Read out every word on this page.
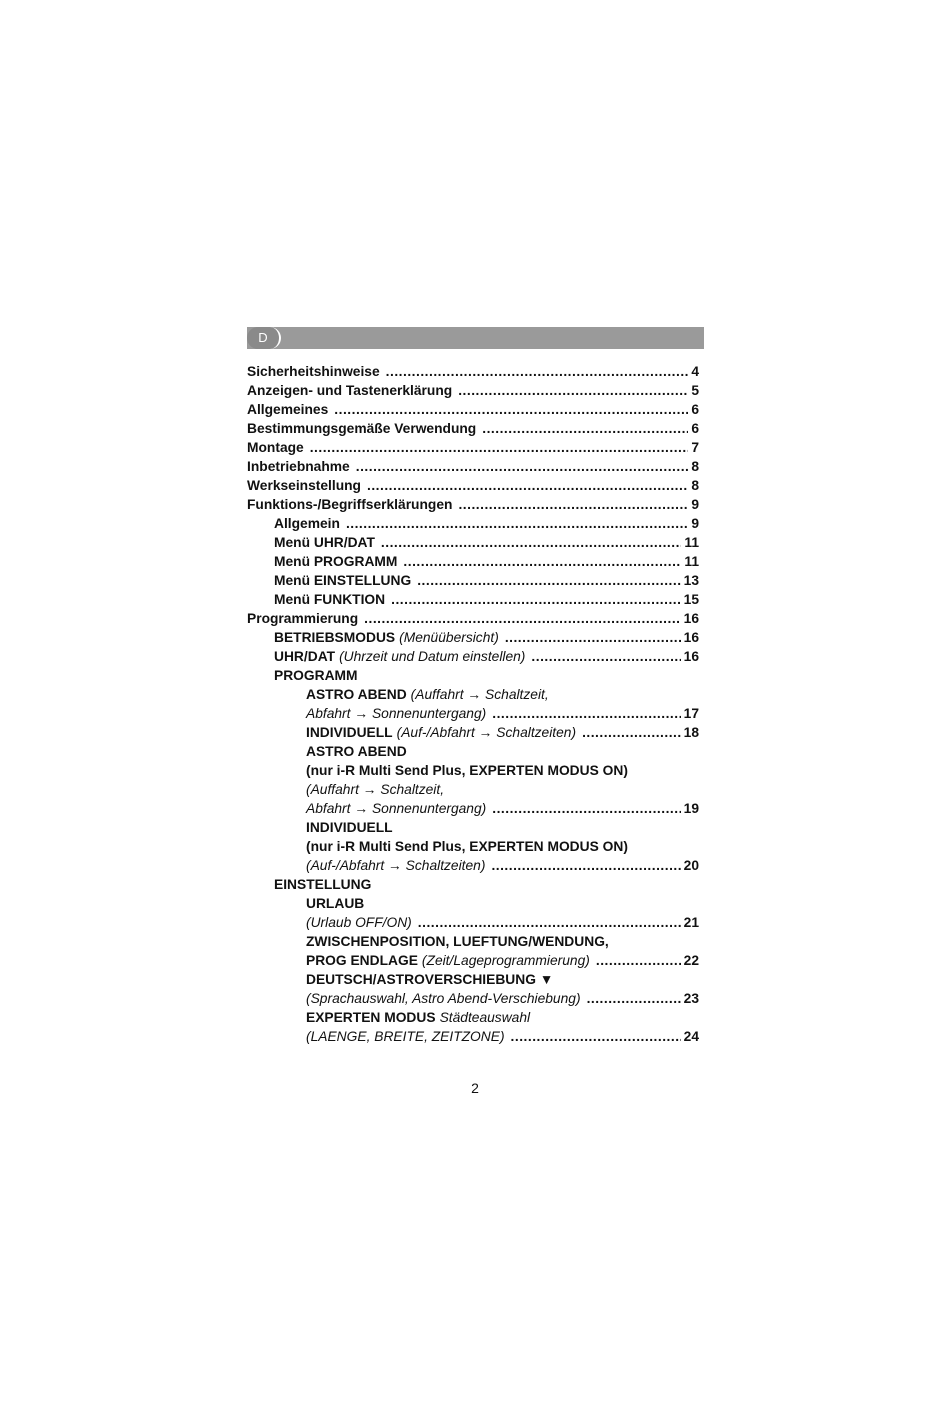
D
Sicherheitshinweise .....	4
Anzeigen- und Tastenerklärung .....	5
Allgemeines .....	6
Bestimmungsgemäße Verwendung .....	6
Montage .....	7
Inbetriebnahme .....	8
Werkseinstellung .....	8
Funktions-/Begriffserklärungen .....	9
Allgemein .....	9
Menü UHR/DAT .....	11
Menü PROGRAMM .....	11
Menü EINSTELLUNG .....	13
Menü FUNKTION .....	15
Programmierung .....	16
BETRIEBSMODUS (Menüübersicht) .....	16
UHR/DAT (Uhrzeit und Datum einstellen) .....	16
PROGRAMM
ASTRO ABEND (Auffahrt → Schaltzeit,
Abfahrt → Sonnenuntergang) .....	17
INDIVIDUELL (Auf-/Abfahrt → Schaltzeiten) .....	18
ASTRO ABEND
(nur i-R Multi Send Plus, EXPERTEN MODUS ON)
(Auffahrt → Schaltzeit,
Abfahrt → Sonnenuntergang) .....	19
INDIVIDUELL
(nur i-R Multi Send Plus, EXPERTEN MODUS ON)
(Auf-/Abfahrt → Schaltzeiten) .....	20
EINSTELLUNG
URLAUB
(Urlaub OFF/ON) .....	21
ZWISCHENPOSITION, LUEFTUNG/WENDUNG,
PROG ENDLAGE (Zeit/Lageprogrammierung) .....	22
DEUTSCH/ASTROVERSCHIEBUNG ▼
(Sprachauswahl, Astro Abend-Verschiebung) .....	23
EXPERTEN MODUS Städteauswahl
(LAENGE, BREITE, ZEITZONE) .....	24
2
